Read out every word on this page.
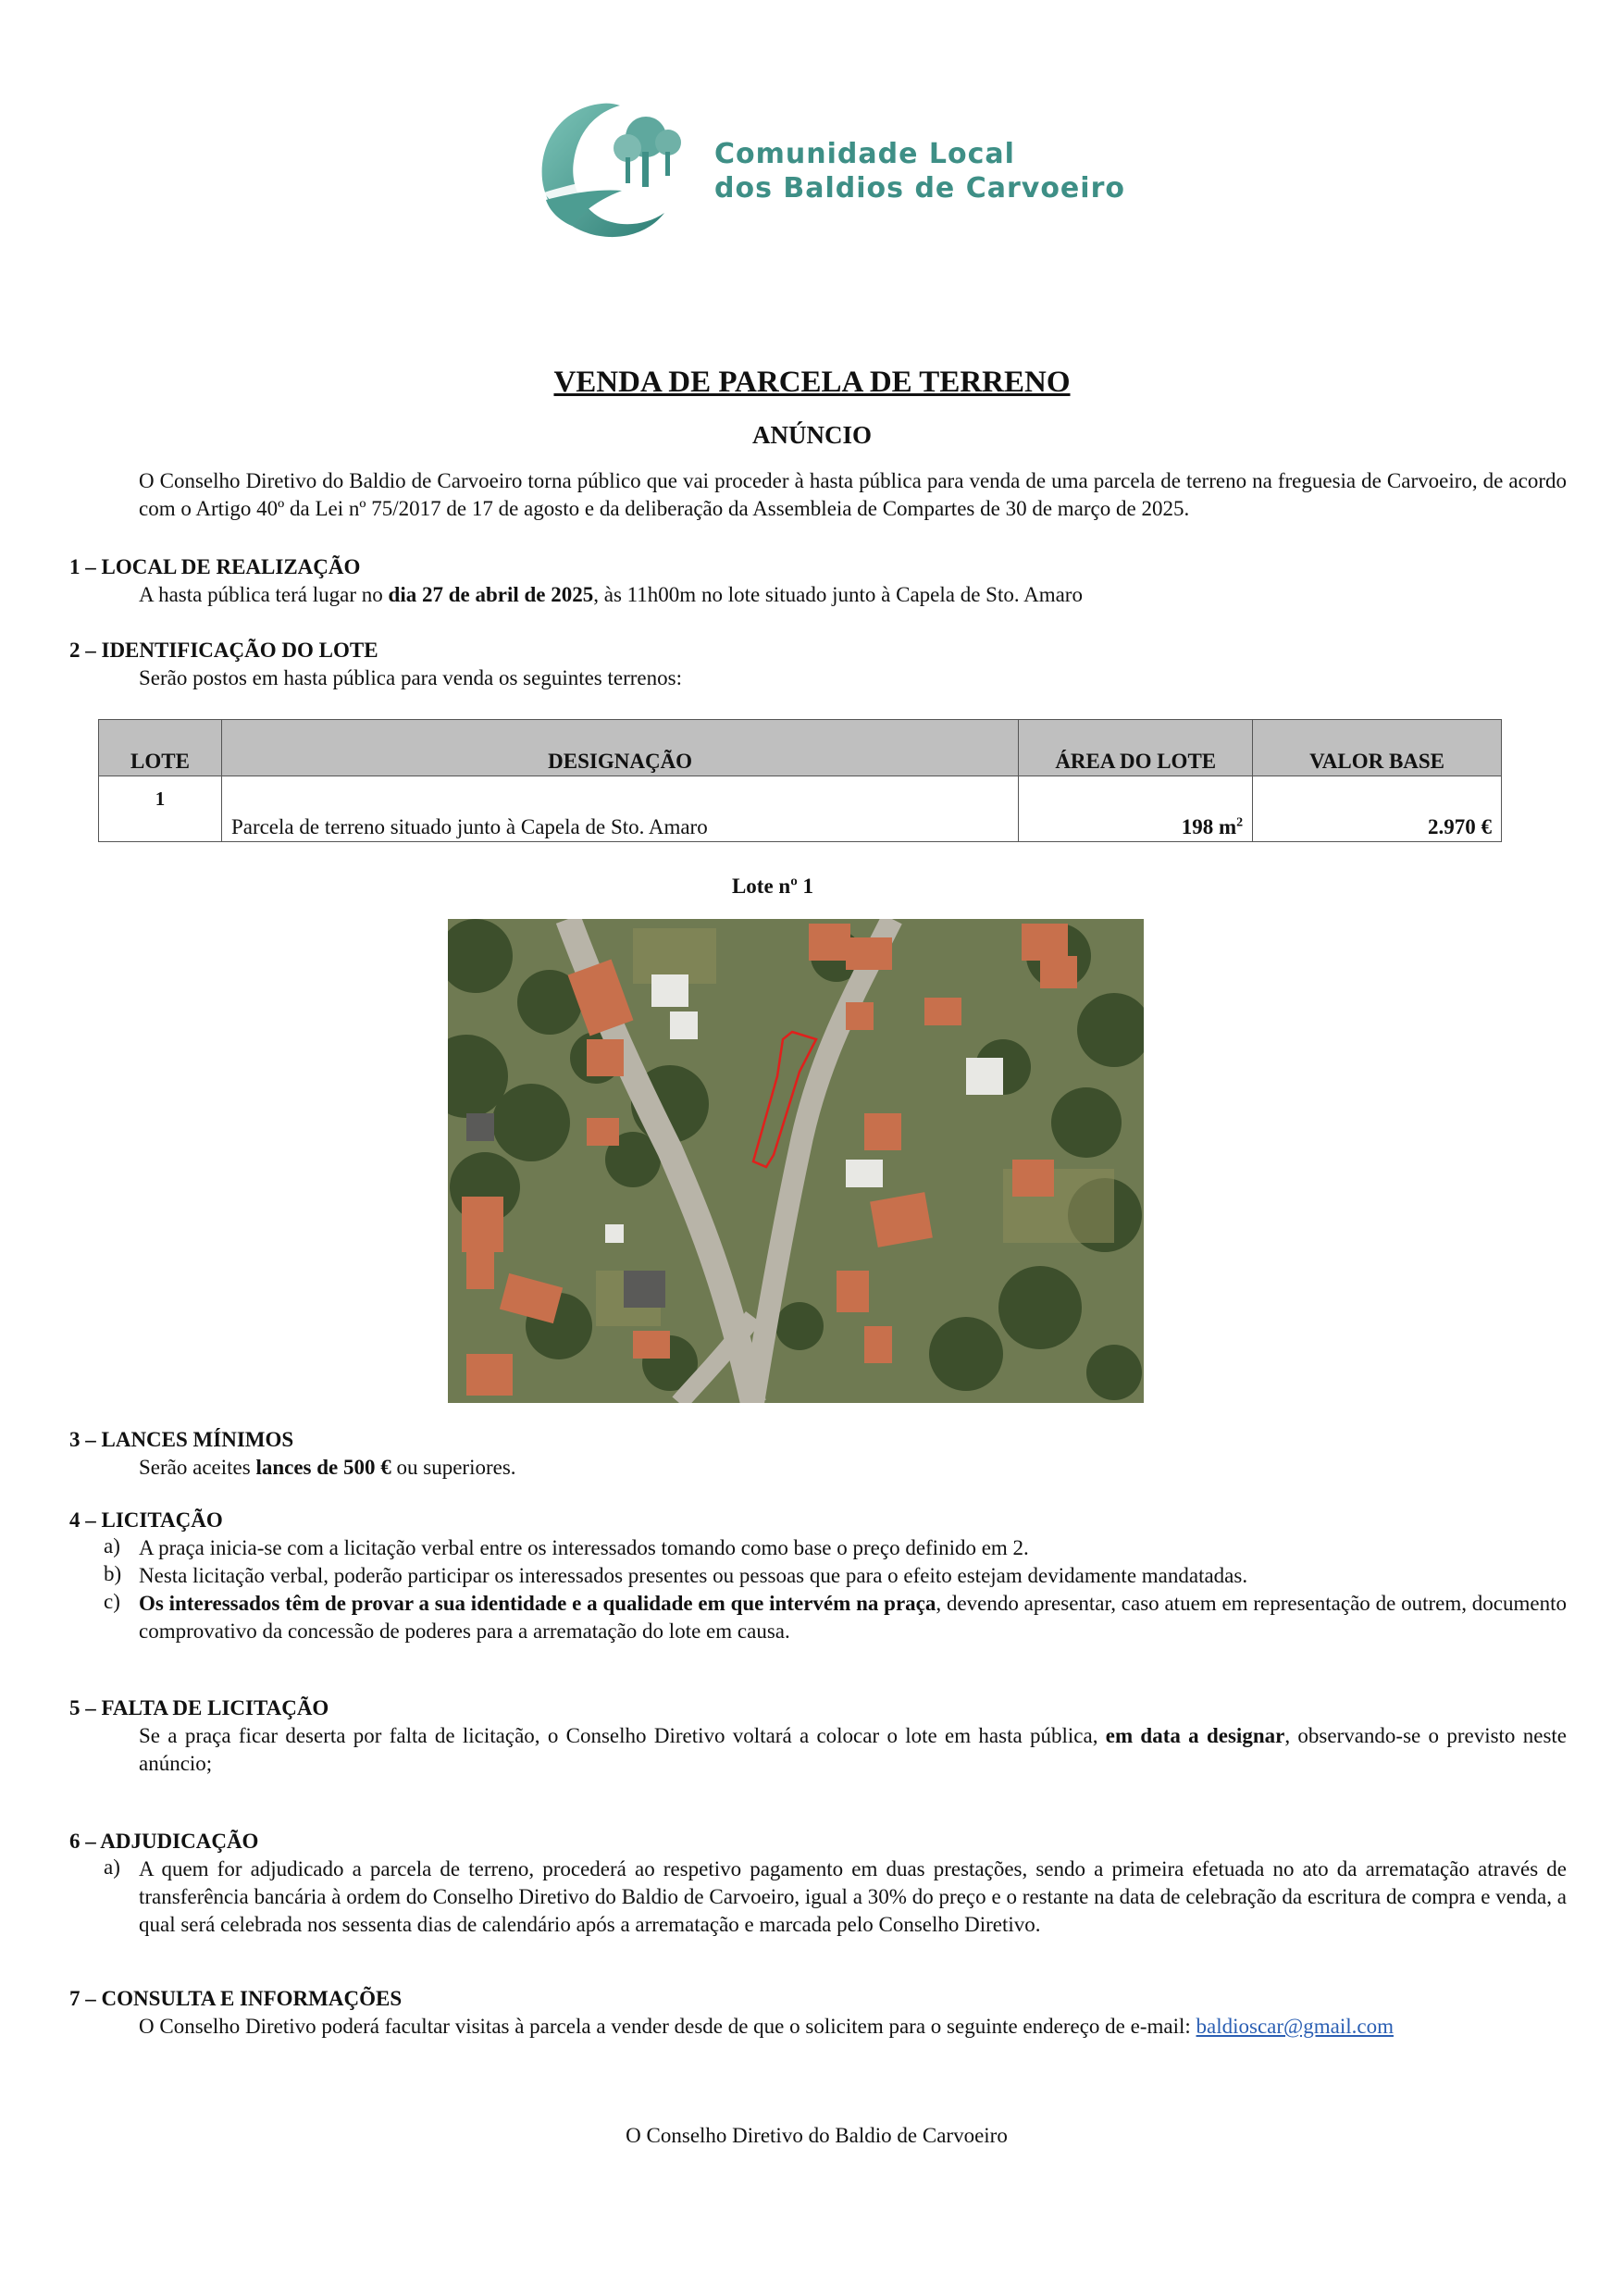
Comunidade Local
dos Baldios de Carvoeiro
VENDA DE PARCELA DE TERRENO
ANÚNCIO
O Conselho Diretivo do Baldio de Carvoeiro torna público que vai proceder à hasta pública para venda de uma parcela de terreno na freguesia de Carvoeiro, de acordo com o Artigo 40º da Lei nº 75/2017 de 17 de agosto e da deliberação da Assembleia de Compartes de 30 de março de 2025.
1 – LOCAL DE REALIZAÇÃO
A hasta pública terá lugar no dia 27 de abril de 2025, às 11h00m no lote situado junto à Capela de Sto. Amaro
2 – IDENTIFICAÇÃO DO LOTE
Serão postos em hasta pública para venda os seguintes terrenos:
LOTE	DESIGNAÇÃO	ÁREA DO LOTE	VALOR BASE
1	Parcela de terreno situado junto à Capela de Sto. Amaro	198 $m^2$	2.970 €
Lote nº 1
3 – LANCES MÍNIMOS
Serão aceites lances de 500 € ou superiores.
4 – LICITAÇÃO
a) A praça inicia-se com a licitação verbal entre os interessados tomando como base o preço definido em 2.
b) Nesta licitação verbal, poderão participar os interessados presentes ou pessoas que para o efeito estejam devidamente mandatadas.
c) Os interessados têm de provar a sua identidade e a qualidade em que intervém na praça, devendo apresentar, caso atuem em representação de outrem, documento comprovativo da concessão de poderes para a arrematação do lote em causa.
5 – FALTA DE LICITAÇÃO
Se a praça ficar deserta por falta de licitação, o Conselho Diretivo voltará a colocar o lote em hasta pública, em data a designar, observando-se o previsto neste anúncio;
6 – ADJUDICAÇÃO
a) A quem for adjudicado a parcela de terreno, procederá ao respetivo pagamento em duas prestações, sendo a primeira efetuada no ato da arrematação através de transferência bancária à ordem do Conselho Diretivo do Baldio de Carvoeiro, igual a 30% do preço e o restante na data de celebração da escritura de compra e venda, a qual será celebrada nos sessenta dias de calendário após a arrematação e marcada pelo Conselho Diretivo.
7 – CONSULTA E INFORMAÇÕES
O Conselho Diretivo poderá facultar visitas à parcela a vender desde de que o solicitem para o seguinte endereço de e-mail: baldioscar@gmail.com
O Conselho Diretivo do Baldio de Carvoeiro
